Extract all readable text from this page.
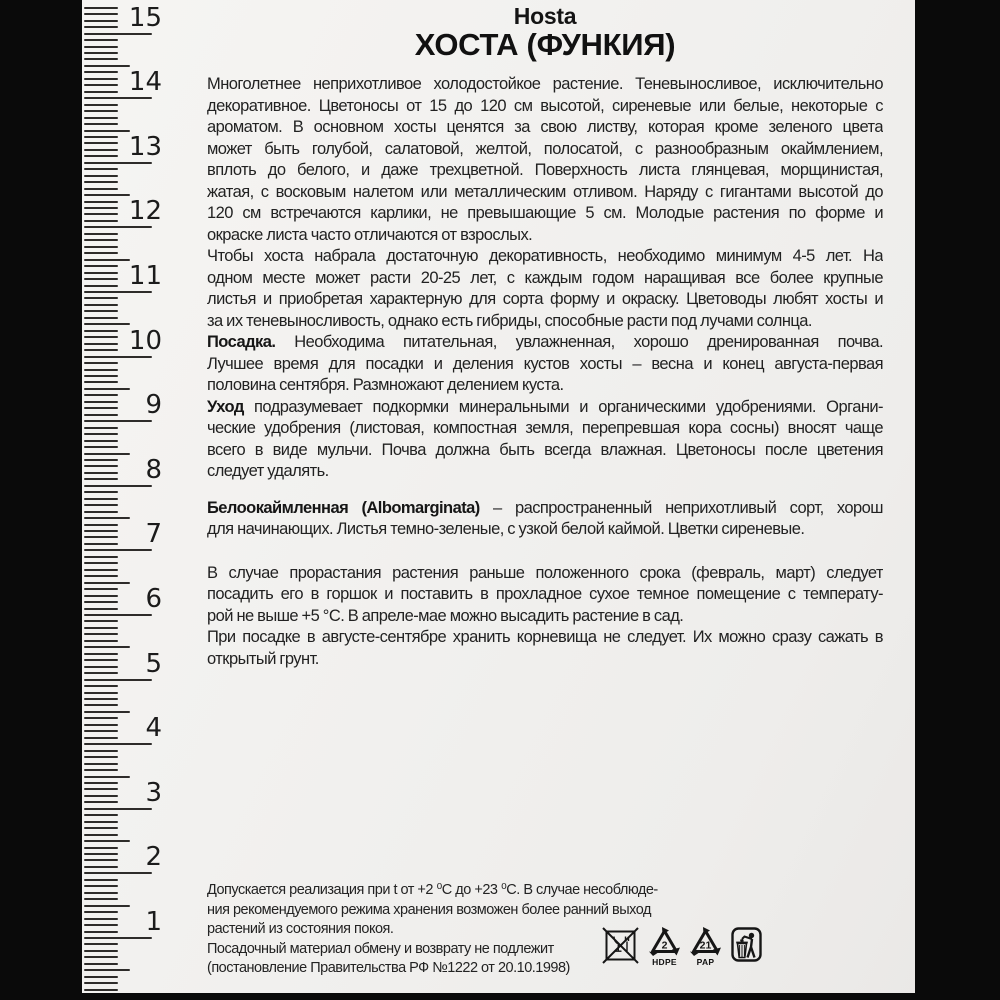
1
2
3
4
5
6
7
8
9
10
11
12
13
14
15	Hosta
ХОСТА (ФУНКИЯ)
Многолетнее неприхотливое холодостойкое растение. Теневыносливое, исключительно
декоративное. Цветоносы от 15 до 120 см высотой, сиреневые или белые, некоторые с
ароматом. В основном хосты ценятся за свою листву, которая кроме зеленого цвета
может быть голубой, салатовой, желтой, полосатой, с разнообразным окаймлением,
вплоть до белого, и даже трехцветной. Поверхность листа глянцевая, морщинистая,
жатая, с восковым налетом или металлическим отливом. Наряду с гигантами высотой до
120 см встречаются карлики, не превышающие 5 см. Молодые растения по форме и
окраске листа часто отличаются от взрослых.
Чтобы хоста набрала достаточную декоративность, необходимо минимум 4-5 лет. На
одном месте может расти 20-25 лет, с каждым годом наращивая все более крупные
листья и приобретая характерную для сорта форму и окраску. Цветоводы любят хосты и
за их теневыносливость, однако есть гибриды, способные расти под лучами солнца.
Посадка. Необходима питательная, увлажненная, хорошо дренированная почва.
Лучшее время для посадки и деления кустов хосты – весна и конец августа-первая
половина сентября. Размножают делением куста.
Уход подразумевает подкормки минеральными и органическими удобрениями. Органи-
ческие удобрения (листовая, компостная земля, перепревшая кора сосны) вносят чаще
всего в виде мульчи. Почва должна быть всегда влажная. Цветоносы после цветения
следует удалять.
Белоокаймленная (Albomarginata) – распространенный неприхотливый сорт, хорош
для начинающих. Листья темно-зеленые, с узкой белой каймой. Цветки сиреневые.
В случае прорастания растения раньше положенного срока (февраль, март) следует
посадить его в горшок и поставить в прохладное сухое темное помещение с температу-
рой не выше +5 °С. В апреле-мае можно высадить растение в сад.
При посадке в августе-сентябре хранить корневища не следует. Их можно сразу сажать в
открытый грунт.
Допускается реализация при t от +2 ⁰С до +23 ⁰С. В случае несоблюде-
ния рекомендуемого режима хранения возможен более ранний выход
растений из состояния покоя.
Посадочный материал обмену и возврату не подлежит
(постановление Правительства РФ №1222 от 20.10.1998)
2
HDPE
21
PAP
